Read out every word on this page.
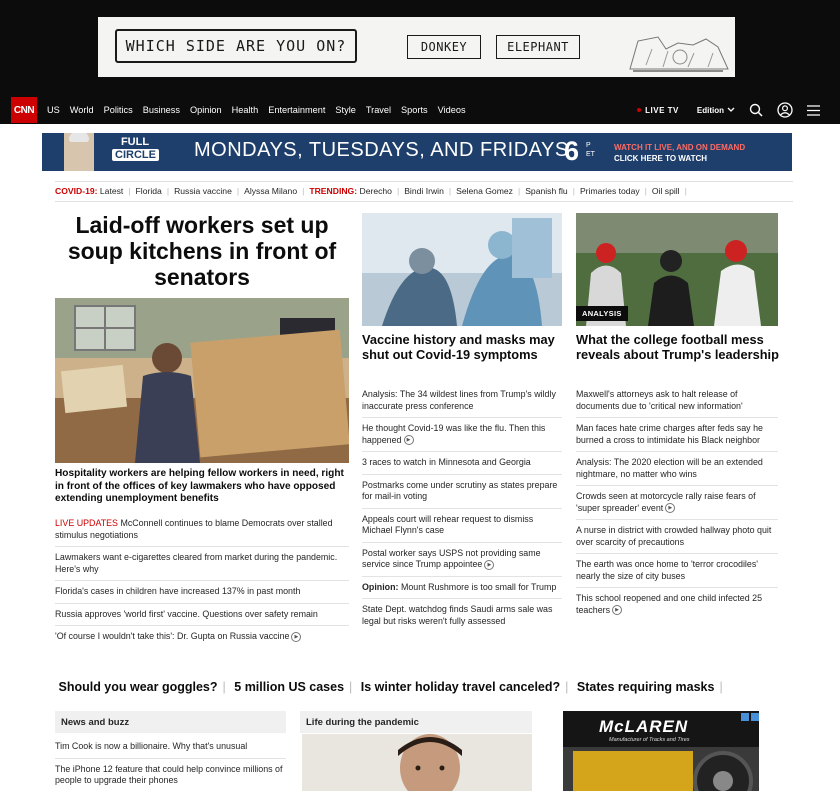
WHICH SIDE ARE YOU ON?	DONKEY	ELEPHANT
CNN	US World Politics Business Opinion Health Entertainment Style Travel Sports Videos	LIVE TV Edition
FULL
CIRCLE MONDAYS, TUESDAYS, AND FRIDAYS
6 P
ET
WATCH IT LIVE, AND ON DEMAND
CLICK HERE TO WATCH
COVID-19:
Latest | Florida | Russia vaccine | Alyssa Milano | TRENDING:
Derecho | Bindi Irwin | Selena Gomez | Spanish flu | Primaries today | Oil spill |
Laid-off workers set up soup kitchens in front of senators
Hospitality workers are helping fellow workers in need, right in front of the offices of key lawmakers who have opposed extending unemployment benefits
LIVE UPDATES McConnell continues to blame Democrats over stalled stimulus negotiations
Lawmakers want e-cigarettes cleared from market during the pandemic. Here's why
Florida's cases in children have increased 137% in past month
Russia approves 'world first' vaccine. Questions over safety remain
'Of course I wouldn't take this': Dr. Gupta on Russia vaccine ▶
Vaccine history and masks may shut out Covid-19 symptoms
Analysis: The 34 wildest lines from Trump's wildly inaccurate press conference
He thought Covid-19 was like the flu. Then this happened ▶
3 races to watch in Minnesota and Georgia
Postmarks come under scrutiny as states prepare for mail-in voting
Appeals court will rehear request to dismiss Michael Flynn's case
Postal worker says USPS not providing same service since Trump appointee ▶
Opinion: Mount Rushmore is too small for Trump
State Dept. watchdog finds Saudi arms sale was legal but risks weren't fully assessed
ANALYSIS
What the college football mess reveals about Trump's leadership
Maxwell's attorneys ask to halt release of documents due to 'critical new information'
Man faces hate crime charges after feds say he burned a cross to intimidate his Black neighbor
Analysis: The 2020 election will be an extended nightmare, no matter who wins
Crowds seen at motorcycle rally raise fears of 'super spreader' event ▶
A nurse in district with crowded hallway photo quit over scarcity of precautions
The earth was once home to 'terror crocodiles' nearly the size of city buses
This school reopened and one child infected 25 teachers ▶
Should you wear goggles? | 5 million US cases | Is winter holiday travel canceled? | States requiring masks |
News and buzz
Tim Cook is now a billionaire. Why that's unusual
The iPhone 12 feature that could help convince millions of people to upgrade their phones
Life during the pandemic	McLAREN
Manufacturer of Tracks and Tires
